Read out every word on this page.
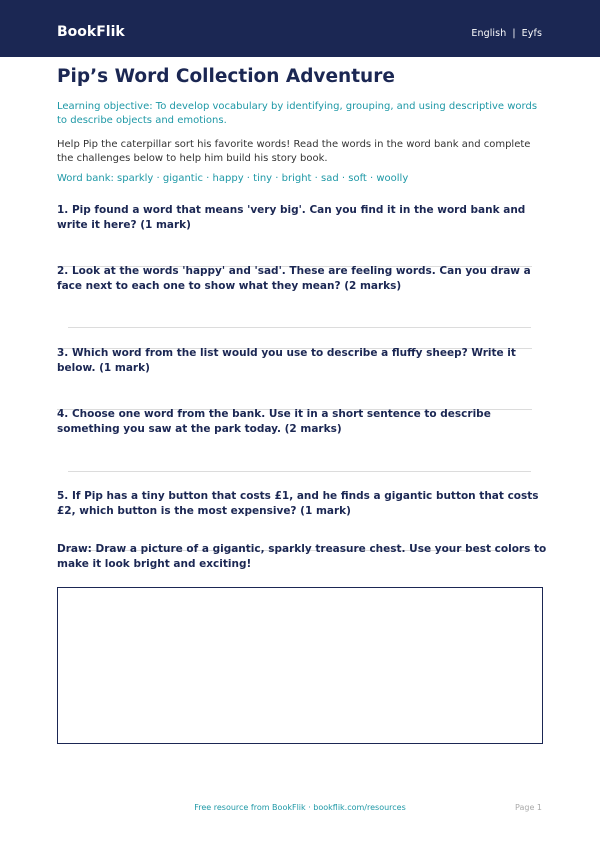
BookFlik	English | Eyfs
Pip’s Word Collection Adventure
Learning objective: To develop vocabulary by identifying, grouping, and using descriptive words to describe objects and emotions.
Help Pip the caterpillar sort his favorite words! Read the words in the word bank and complete the challenges below to help him build his story book.
Word bank: sparkly · gigantic · happy · tiny · bright · sad · soft · woolly
1. Pip found a word that means 'very big'. Can you find it in the word bank and write it here? (1 mark)
2. Look at the words 'happy' and 'sad'. These are feeling words. Can you draw a face next to each one to show what they mean? (2 marks)
3. Which word from the list would you use to describe a fluffy sheep? Write it below. (1 mark)
4. Choose one word from the bank. Use it in a short sentence to describe something you saw at the park today. (2 marks)
5. If Pip has a tiny button that costs £1, and he finds a gigantic button that costs £2, which button is the most expensive? (1 mark)
Draw: Draw a picture of a gigantic, sparkly treasure chest. Use your best colors to make it look bright and exciting!
Free resource from BookFlik · bookflik.com/resources	Page 1
